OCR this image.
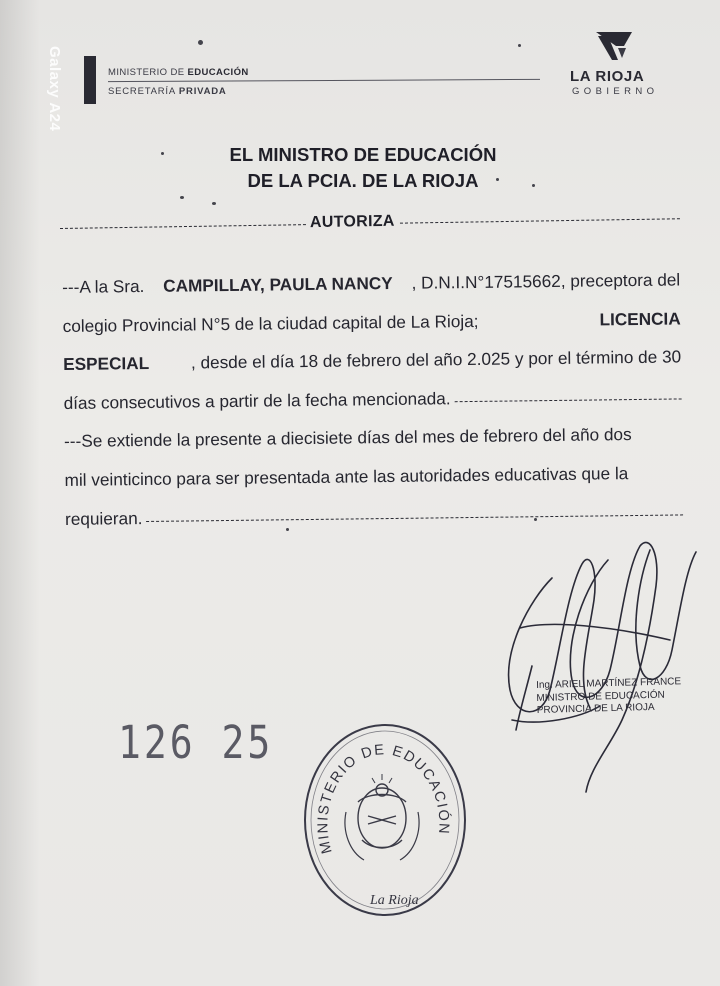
Galaxy A24	MINISTERIO DE EDUCACIÓN
SECRETARÍA PRIVADA
LA RIOJA
GOBIERNO
EL MINISTRO DE EDUCACIÓN
DE LA PCIA. DE LA RIOJA
AUTORIZA
---A la Sra. CAMPILLAY, PAULA NANCY , D.N.I.N°17515662, preceptora del
colegio Provincial N°5 de la ciudad capital de La Rioja;	LICENCIA
ESPECIAL , desde el día 18 de febrero del año 2.025 y por el término de 30
días consecutivos a partir de la fecha mencionada.
---Se extiende la presente a diecisiete días del mes de febrero del año dos
mil veinticinco para ser presentada ante las autoridades educativas que la
requieran.
126 25
Ing. ARIEL MARTÍNEZ FRANCE
MINISTRO DE EDUCACIÓN
PROVINCIA DE LA RIOJA
MINISTERIO DE EDUCACIÓN
La Rioja
